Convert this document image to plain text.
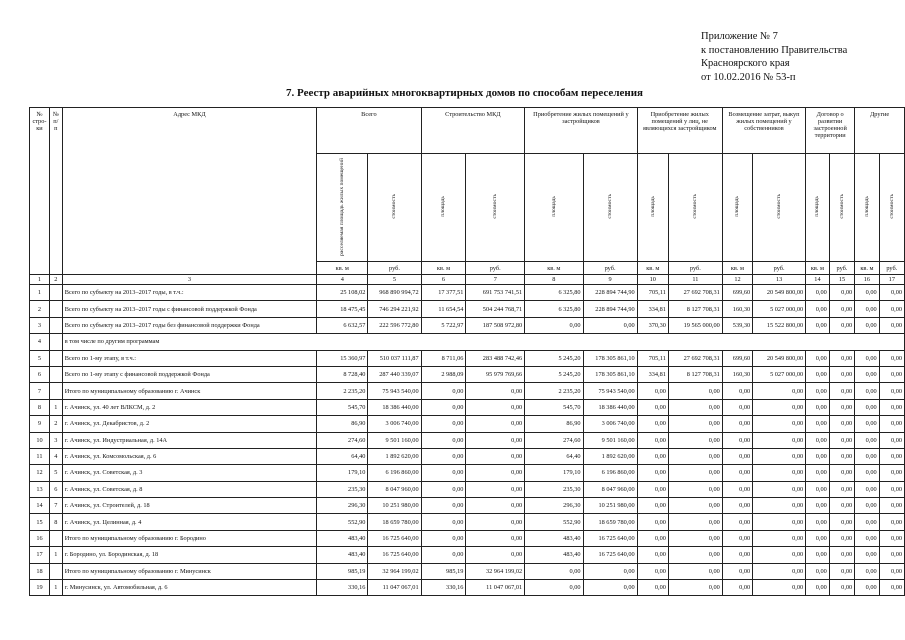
Приложение № 7
к постановлению Правительства
Красноярского края
от 10.02.2016 № 53-п
7. Реестр аварийных многоквартирных домов по способам переселения
№ стро-ки	№ п/п	Адрес МКД	Всего		Строительство МКД		Приобретение жилых помещений у застройщиков		Приобретение жилых помещений у лиц, не являющихся застройщиком		Возмещение затрат, выкуп жилых помещений у собственников		Договор о развитии застроенной территории		Другие	
			расселяемая площадь жилых помещений	стоимость	площадь	стоимость	площадь	стоимость	площадь	стоимость	площадь	стоимость	площадь	стоимость	площадь	стоимость
			кв. м	руб.	кв. м	руб.	кв. м	руб.	кв. м	руб.	кв. м	руб.	кв. м	руб.	кв. м	руб.
1	2	3	4	5	6	7	8	9	10	11	12	13	14	15	16	17
1		Всего по субъекту на 2013–2017 годы, в т.ч.:	25 108,02	968 890 994,72	17 377,51	691 753 741,51	6 325,80	228 894 744,90	705,11	27 692 708,31	699,60	20 549 800,00	0,00	0,00	0,00	0,00
2		Всего по субъекту на 2013–2017 годы с финансовой поддержкой Фонда	18 475,45	746 294 221,92	11 654,54	504 244 768,71	6 325,80	228 894 744,90	334,81	8 127 708,31	160,30	5 027 000,00	0,00	0,00	0,00	0,00
3		Всего по субъекту на 2013–2017 годы без финансовой поддержки Фонда	6 632,57	222 596 772,80	5 722,97	187 508 972,80	0,00	0,00	370,30	19 565 000,00	539,30	15 522 800,00	0,00	0,00	0,00	0,00
4		в том числе по другим программам														
5		Всего по 1-му этапу, в т.ч.:	15 360,97	510 037 111,87	8 711,06	283 488 742,46	5 245,20	178 305 861,10	705,11	27 692 708,31	699,60	20 549 800,00	0,00	0,00	0,00	0,00
6		Всего по 1-му этапу с финансовой поддержкой Фонда	8 728,40	287 440 339,07	2 988,09	95 979 769,66	5 245,20	178 305 861,10	334,81	8 127 708,31	160,30	5 027 000,00	0,00	0,00	0,00	0,00
7		Итого по муниципальному образованию г. Ачинск	2 235,20	75 943 540,00	0,00	0,00	2 235,20	75 943 540,00	0,00	0,00	0,00	0,00	0,00	0,00	0,00	0,00
8	1	г. Ачинск, ул. 40 лет ВЛКСМ, д. 2	545,70	18 386 440,00	0,00	0,00	545,70	18 386 440,00	0,00	0,00	0,00	0,00	0,00	0,00	0,00	0,00
9	2	г. Ачинск, ул. Декабристов, д. 2	86,90	3 006 740,00	0,00	0,00	86,90	3 006 740,00	0,00	0,00	0,00	0,00	0,00	0,00	0,00	0,00
10	3	г. Ачинск, ул. Индустриальная, д. 14А	274,60	9 501 160,00	0,00	0,00	274,60	9 501 160,00	0,00	0,00	0,00	0,00	0,00	0,00	0,00	0,00
11	4	г. Ачинск, ул. Комсомольская, д. 6	64,40	1 892 620,00	0,00	0,00	64,40	1 892 620,00	0,00	0,00	0,00	0,00	0,00	0,00	0,00	0,00
12	5	г. Ачинск, ул. Советская, д. 3	179,10	6 196 860,00	0,00	0,00	179,10	6 196 860,00	0,00	0,00	0,00	0,00	0,00	0,00	0,00	0,00
13	6	г. Ачинск, ул. Советская, д. 8	235,30	8 047 960,00	0,00	0,00	235,30	8 047 960,00	0,00	0,00	0,00	0,00	0,00	0,00	0,00	0,00
14	7	г. Ачинск, ул. Строителей, д. 18	296,30	10 251 980,00	0,00	0,00	296,30	10 251 980,00	0,00	0,00	0,00	0,00	0,00	0,00	0,00	0,00
15	8	г. Ачинск, ул. Целинная, д. 4	552,90	18 659 780,00	0,00	0,00	552,90	18 659 780,00	0,00	0,00	0,00	0,00	0,00	0,00	0,00	0,00
16		Итого по муниципальному образованию г. Бородино	483,40	16 725 640,00	0,00	0,00	483,40	16 725 640,00	0,00	0,00	0,00	0,00	0,00	0,00	0,00	0,00
17	1	г. Бородино, ул. Бородинская, д. 18	483,40	16 725 640,00	0,00	0,00	483,40	16 725 640,00	0,00	0,00	0,00	0,00	0,00	0,00	0,00	0,00
18		Итого по муниципальному образованию г. Минусинск	985,19	32 964 199,02	985,19	32 964 199,02	0,00	0,00	0,00	0,00	0,00	0,00	0,00	0,00	0,00	0,00
19	1	г. Минусинск, ул. Автомобильная, д. 6	330,16	11 047 067,01	330,16	11 047 067,01	0,00	0,00	0,00	0,00	0,00	0,00	0,00	0,00	0,00	0,00
